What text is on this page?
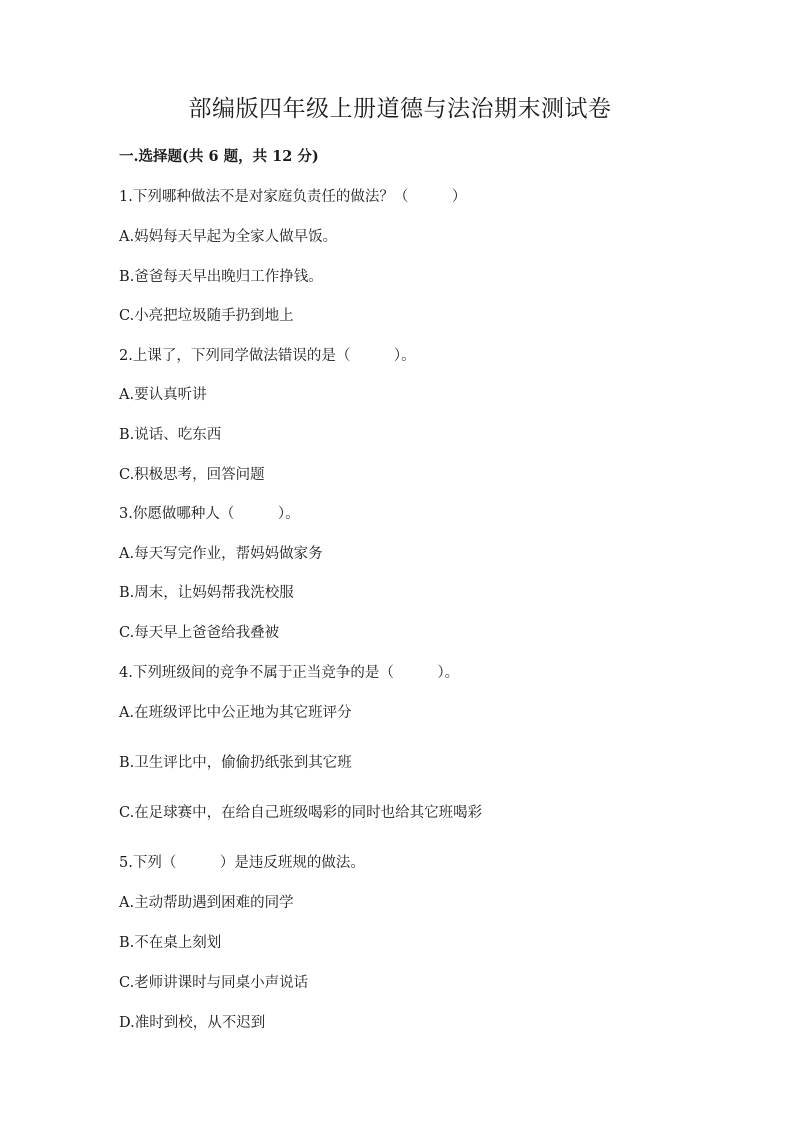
部编版四年级上册道德与法治期末测试卷
一.选择题(共 6 题，共 12 分)
1.下列哪种做法不是对家庭负责任的做法？（　　　）
A.妈妈每天早起为全家人做早饭。
B.爸爸每天早出晚归工作挣钱。
C.小亮把垃圾随手扔到地上
2.上课了，下列同学做法错误的是（　　　）。
A.要认真听讲
B.说话、吃东西
C.积极思考，回答问题
3.你愿做哪种人（　　　）。
A.每天写完作业，帮妈妈做家务
B.周末，让妈妈帮我洗校服
C.每天早上爸爸给我叠被
4.下列班级间的竞争不属于正当竞争的是（　　　）。
A.在班级评比中公正地为其它班评分
B.卫生评比中，偷偷扔纸张到其它班
C.在足球赛中，在给自己班级喝彩的同时也给其它班喝彩
5.下列（　　　）是违反班规的做法。
A.主动帮助遇到困难的同学
B.不在桌上刻划
C.老师讲课时与同桌小声说话
D.准时到校，从不迟到
